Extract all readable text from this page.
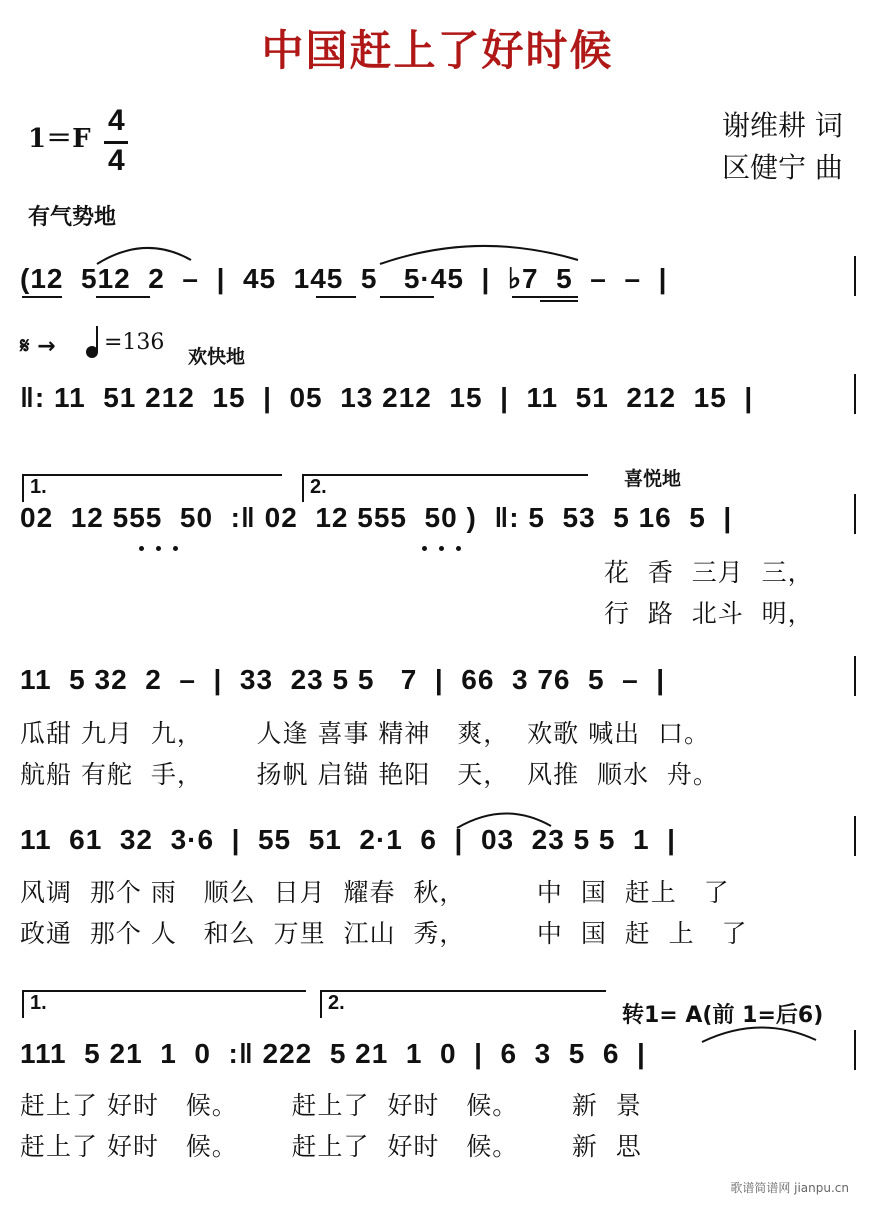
中国赶上了好时候
1＝F
4
4
谢维耕 词
区健宁 曲
有气势地
(12  512  2  –  |  45  145  5   5·45  |  ♭7  5  –  –  |
𝄋 → =136
欢快地
‖: 11  51 212  15  |  05  13 212  15  |  11  51  212  15  |
1.	2.	喜悦地
02  12 555  50  :‖ 02  12 555  50 )  ‖: 5  53  5 16  5  |
花  香  三月  三，
行  路  北斗  明，
11  5 32  2  –  |  33  23 5 5   7  |  66  3 76  5  –  |
瓜甜 九月  九，      人逢 喜事 精神   爽，  欢歌 喊出  口。
航船 有舵  手，      扬帆 启锚 艳阳   天，  风推  顺水  舟。
11  61  32  3·6  |  55  51  2·1  6  |  03  23 5 5  1  |
风调  那个 雨   顺么  日月  耀春  秋，        中  国  赶上   了
政通  那个 人   和么  万里  江山  秀，        中  国  赶  上   了
1.	2.	转1= A(前 1=后6)
111  5 21  1  0  :‖ 222  5 21  1  0  |  6  3  5  6  |
赶上了 好时   候。      赶上了  好时   候。      新  景
赶上了 好时   候。      赶上了  好时   候。      新  思
歌谱简谱网 jianpu.cn
